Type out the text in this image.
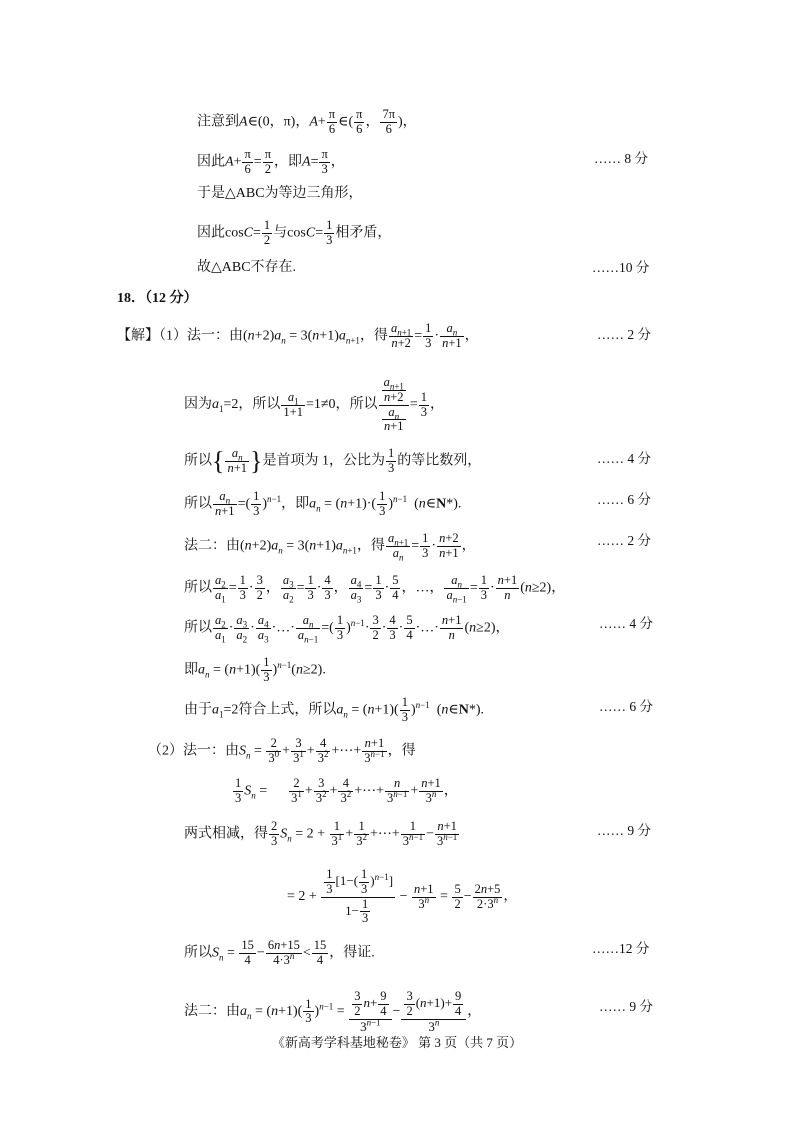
注意到A∈(0，π)，$A+ \frac{\pi}{6}$ ∈( $\frac{\pi}{6}$ ， $\frac{7\pi}{6}$ )，
因此$A+ \frac{\pi}{6} = \frac{\pi}{2}$ ，即$A= \frac{\pi}{3}$ ，	…… 8 分
于是△ABC为等边三角形，
因此$\cos C= \frac{1}{2}$ 与$\cos C= \frac{1}{3}$ 相矛盾，
故△ABC不存在.	……10 分
18．（12 分）
【解】（1）法一：由$(n+2)a_n = 3(n+1)a_{n+1}$，得 $\frac{a_{n+1}}{n+2} = \frac{1}{3} \cdot \frac{a_n}{n+1}$ ，	…… 2 分
因为$a_1=2$，所以 $\frac{a_1}{1+1} =1\ne 0$，所以
$\frac{a_{n+1}}{n+2}$
$\frac{a_n}{n+1}$
= $\frac{1}{3}$ ，
所以{ $\frac{a_n}{n+1}$ }是首项为 1，公比为 $\frac{1}{3}$ 的等比数列，	…… 4 分
所以 $\frac{a_n}{n+1}$ =( $\frac{1}{3} )^{n-1}$，即$a_n = (n+1)\cdot( \frac{1}{3} )^{n-1}$  (n∈N*).	…… 6 分
法二：由$(n+2)a_n = 3(n+1)a_{n+1}$，得 $\frac{a_{n+1}}{a_n} = \frac{1}{3} \cdot \frac{n+2}{n+1}$ ，	…… 2 分
所以 $\frac{a_2}{a_1} = \frac{1}{3} \cdot \frac{3}{2}$ ， $\frac{a_3}{a_2} = \frac{1}{3} \cdot \frac{4}{3}$ ， $\frac{a_4}{a_3} = \frac{1}{3} \cdot \frac{5}{4}$ ，…， $\frac{a_n}{a_{n-1}} = \frac{1}{3} \cdot \frac{n+1}{n} (n\ge 2)$，
所以 $\frac{a_2}{a_1} \cdot \frac{a_3}{a_2} \cdot \frac{a_4}{a_3}$ ·…· $\frac{a_n}{a_{n-1}}$ =( $\frac{1}{3} )^{n-1}\cdot \frac{3}{2} \cdot \frac{4}{3} \cdot \frac{5}{4}$ ·…· $\frac{n+1}{n} (n\ge 2)$，	…… 4 分
即$a_n = (n+1)( \frac{1}{3} )^{n-1}(n\ge 2)$.
由于$a_1=2$符合上式，所以$a_n = (n+1)( \frac{1}{3} )^{n-1}$  (n∈N*).	…… 6 分
（2）法一：由$S_n = \frac{2}{3^0} + \frac{3}{3^1} + \frac{4}{3^2}$ +⋯+ $\frac{n+1}{3^{n-1}}$ ，得
$\frac{1}{3} S_n = \frac{2}{3^1} + \frac{3}{3^2} + \frac{4}{3^2}$ +⋯+ $\frac{n}{3^{n-1}} + \frac{n+1}{3^n}$ ，
两式相减，得 $\frac{2}{3} S_n = 2 + \frac{1}{3^1} + \frac{1}{3^2}$ +⋯+ $\frac{1}{3^{n-1}} - \frac{n+1}{3^{n-1}}$	…… 9 分
= $2 + \frac{\frac{1}{3} [1-( \frac{1}{3} )^{n-1}]}{1- \frac{1}{3}} - \frac{n+1}{3^n} = \frac{5}{2} - \frac{2n+5}{2\cdot 3^n}$ ，
所以$S_n = \frac{15}{4} - \frac{6n+15}{4\cdot 3^n} < \frac{15}{4}$ ，得证.	……12 分
法二：由$a_n = (n+1)( \frac{1}{3} )^{n-1} = \frac{\frac{3}{2} n+ \frac{9}{4}}{3^{n-1}} - \frac{\frac{3}{2} (n+1)+ \frac{9}{4}}{3^n}$ ，	…… 9 分
《新高考学科基地秘卷》 第 3 页（共 7 页）
